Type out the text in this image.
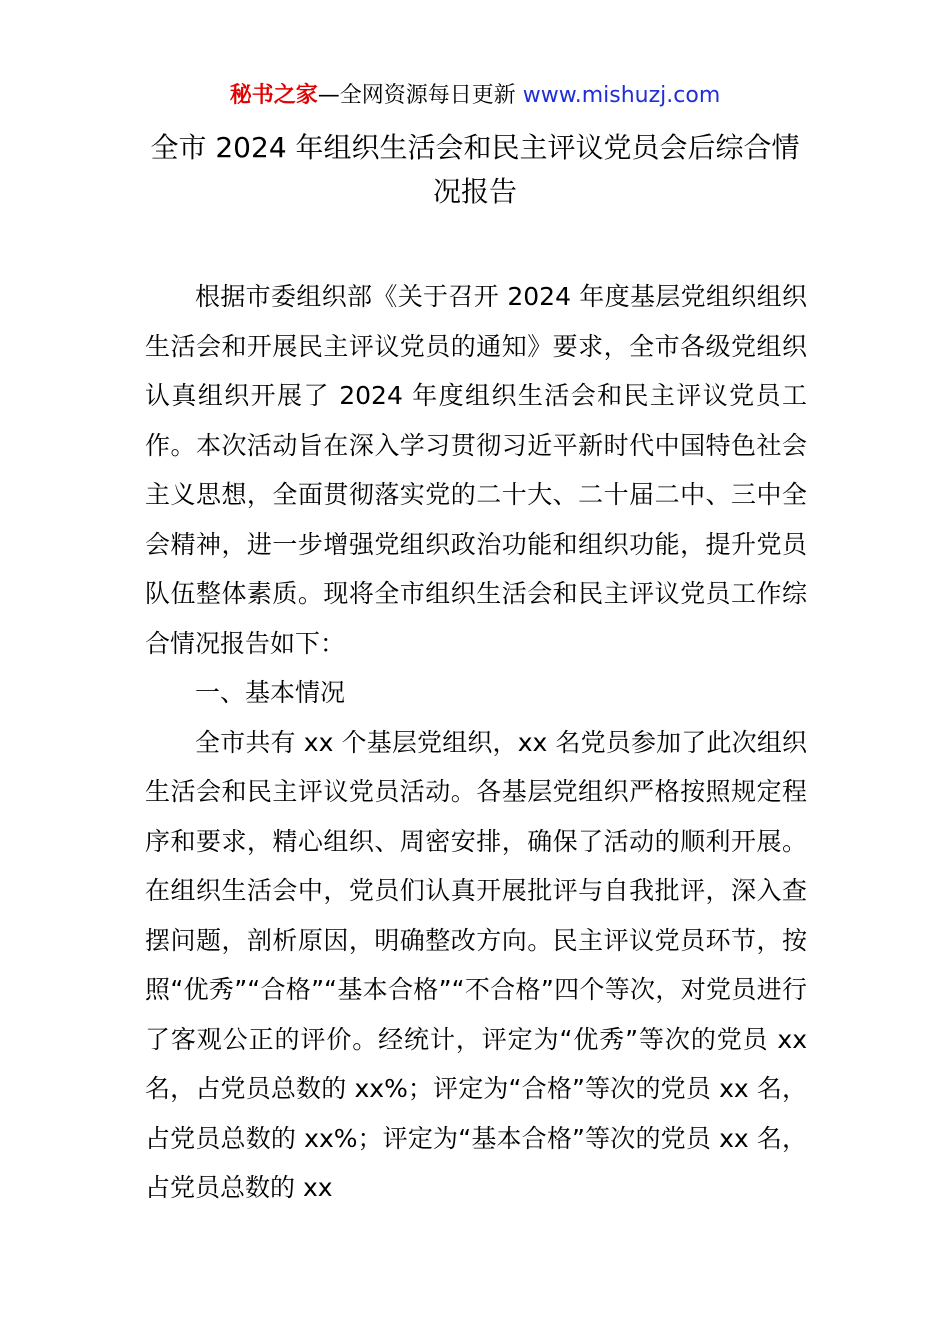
秘书之家—全网资源每日更新 www.mishuzj.com
全市 2024 年组织生活会和民主评议党员会后综合情况报告

根据市委组织部《关于召开 2024 年度基层党组织组织生活会和开展民主评议党员的通知》要求，全市各级党组织认真组织开展了 2024 年度组织生活会和民主评议党员工作。本次活动旨在深入学习贯彻习近平新时代中国特色社会主义思想，全面贯彻落实党的二十大、二十届二中、三中全会精神，进一步增强党组织政治功能和组织功能，提升党员队伍整体素质。现将全市组织生活会和民主评议党员工作综合情况报告如下：

一、基本情况

全市共有 xx 个基层党组织，xx 名党员参加了此次组织生活会和民主评议党员活动。各基层党组织严格按照规定程序和要求，精心组织、周密安排，确保了活动的顺利开展。在组织生活会中，党员们认真开展批评与自我批评，深入查摆问题，剖析原因，明确整改方向。民主评议党员环节，按照“优秀”“合格”“基本合格”“不合格”四个等次，对党员进行了客观公正的评价。经统计，评定为“优秀”等次的党员 xx 名，占党员总数的 xx%；评定为“合格”等次的党员 xx 名，占党员总数的 xx%；评定为“基本合格”等次的党员 xx 名，占党员总数的 xx
